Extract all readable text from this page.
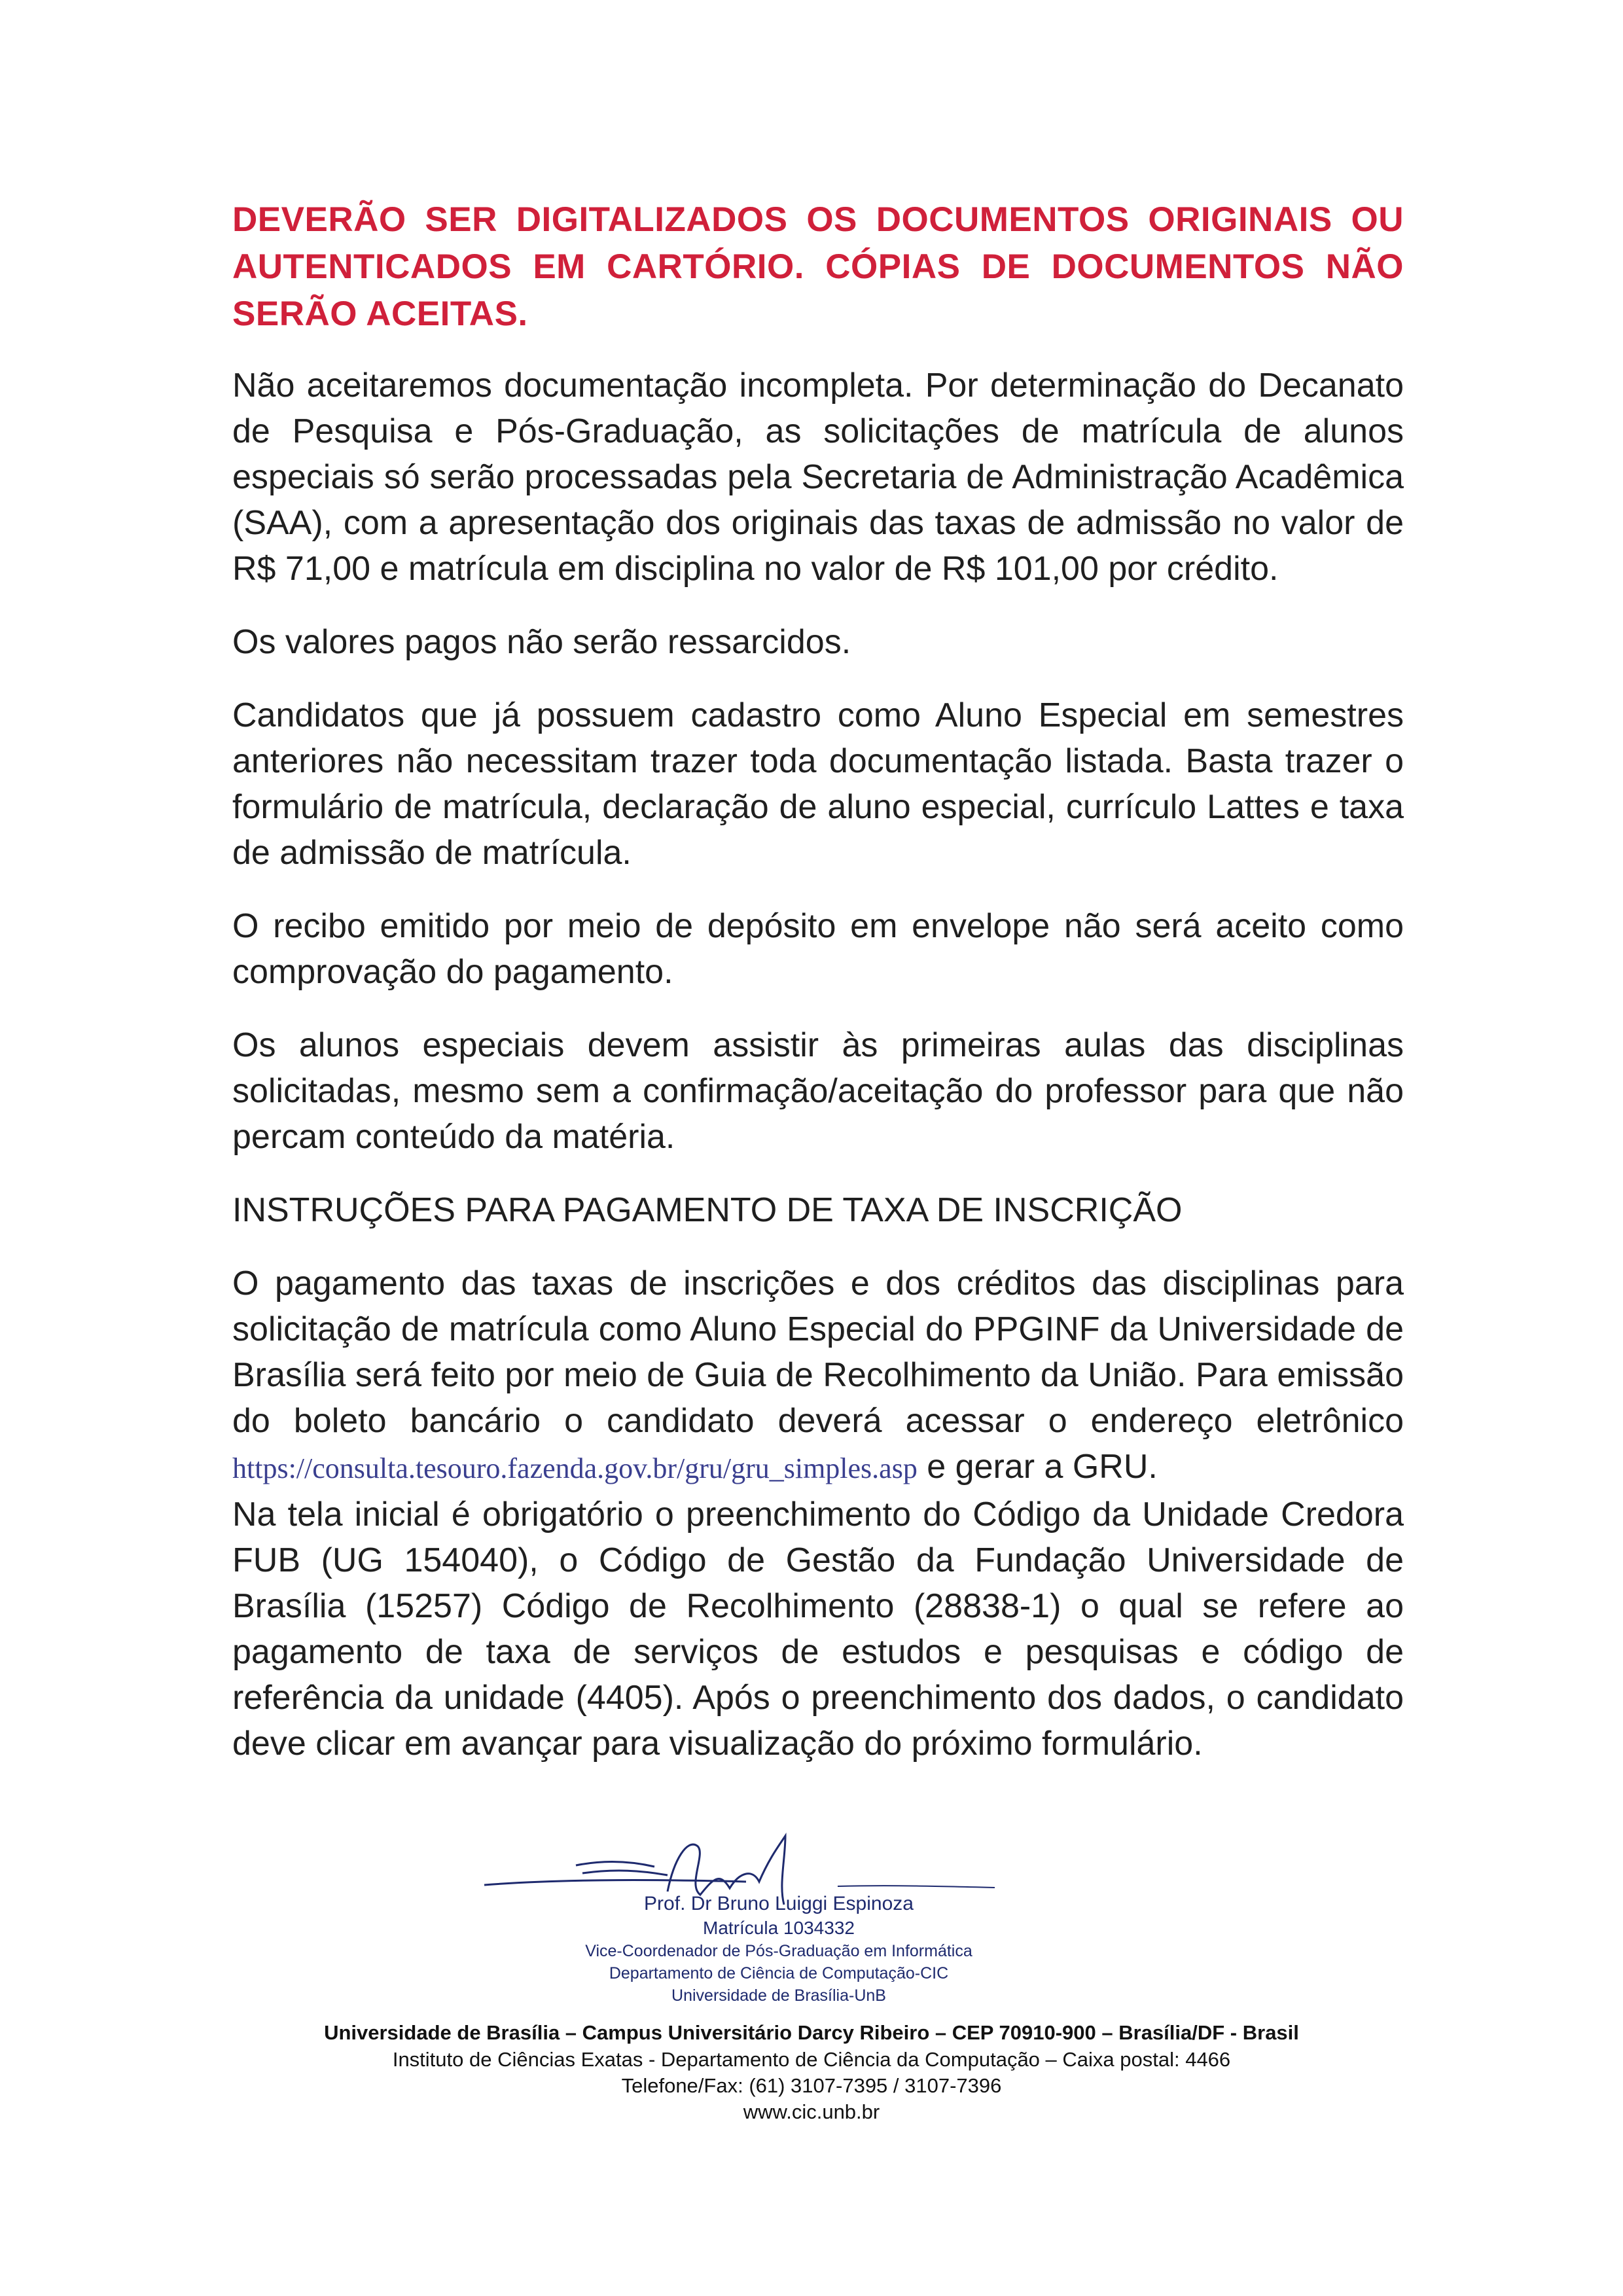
DEVERÃO SER DIGITALIZADOS OS DOCUMENTOS ORIGINAIS OU AUTENTICADOS EM CARTÓRIO. CÓPIAS DE DOCUMENTOS NÃO SERÃO ACEITAS.

Não aceitaremos documentação incompleta. Por determinação do Decanato de Pesquisa e Pós-Graduação, as solicitações de matrícula de alunos especiais só serão processadas pela Secretaria de Administração Acadêmica (SAA), com a apresentação dos originais das taxas de admissão no valor de R$ 71,00 e matrícula em disciplina no valor de R$ 101,00 por crédito.

Os valores pagos não serão ressarcidos.

Candidatos que já possuem cadastro como Aluno Especial em semestres anteriores não necessitam trazer toda documentação listada. Basta trazer o formulário de matrícula, declaração de aluno especial, currículo Lattes e taxa de admissão de matrícula.

O recibo emitido por meio de depósito em envelope não será aceito como comprovação do pagamento.

Os alunos especiais devem assistir às primeiras aulas das disciplinas solicitadas, mesmo sem a confirmação/aceitação do professor para que não percam conteúdo da matéria.

INSTRUÇÕES PARA PAGAMENTO DE TAXA DE INSCRIÇÃO

O pagamento das taxas de inscrições e dos créditos das disciplinas para solicitação de matrícula como Aluno Especial do PPGINF da Universidade de Brasília será feito por meio de Guia de Recolhimento da União. Para emissão do boleto bancário o candidato deverá acessar o endereço eletrônico https://consulta.tesouro.fazenda.gov.br/gru/gru_simples.asp e gerar a GRU.

Na tela inicial é obrigatório o preenchimento do Código da Unidade Credora FUB (UG 154040), o Código de Gestão da Fundação Universidade de Brasília (15257) Código de Recolhimento (28838-1) o qual se refere ao pagamento de taxa de serviços de estudos e pesquisas e código de referência da unidade (4405). Após o preenchimento dos dados, o candidato deve clicar em avançar para visualização do próximo formulário.

Prof. Dr Bruno Luiggi Espinoza
Matrícula 1034332
Vice-Coordenador de Pós-Graduação em Informática
Departamento de Ciência de Computação-CIC
Universidade de Brasília-UnB
Universidade de Brasília – Campus Universitário Darcy Ribeiro – CEP 70910-900 – Brasília/DF - Brasil
Instituto de Ciências Exatas - Departamento de Ciência da Computação – Caixa postal: 4466
Telefone/Fax: (61) 3107-7395 / 3107-7396
www.cic.unb.br
